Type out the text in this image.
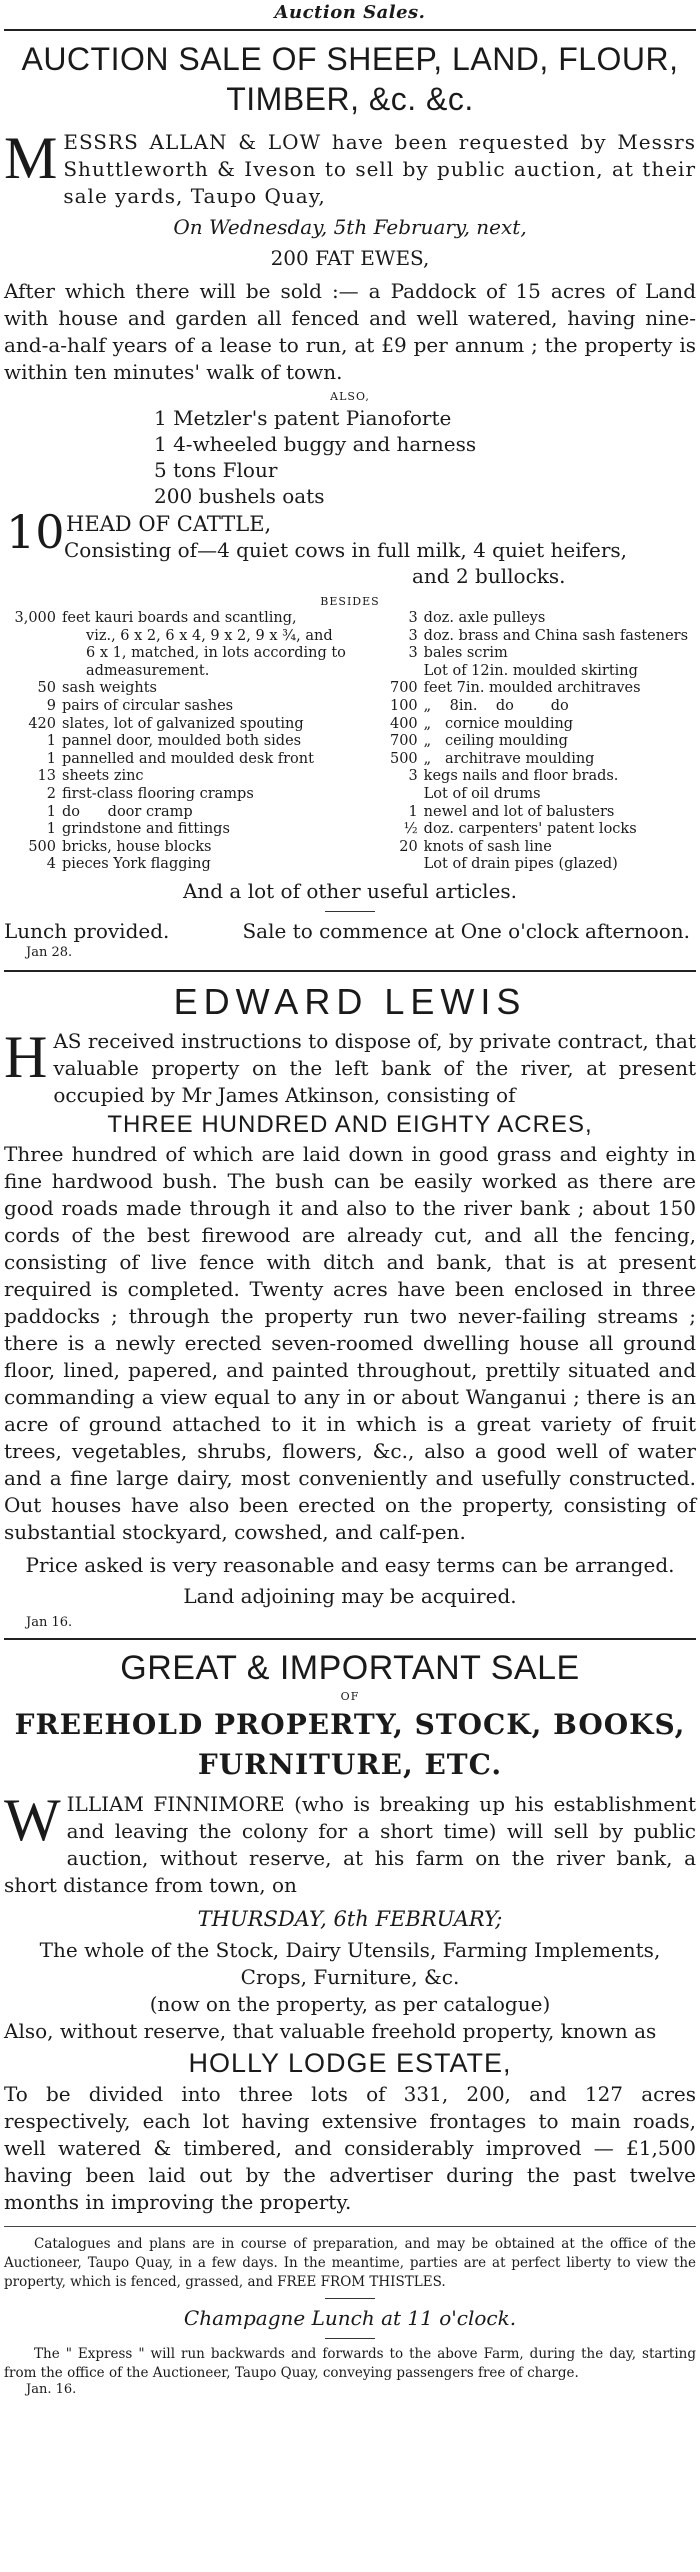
Auction Sales.
AUCTION SALE OF SHEEP, LAND, FLOUR,
TIMBER, &c. &c.

MESSRS ALLAN & LOW have been requested by Messrs Shuttleworth & Iveson to sell by public auction, at their sale yards, Taupo Quay,

On Wednesday, 5th February, next,

200 FAT EWES,

After which there will be sold :— a Paddock of 15 acres of Land with house and garden all fenced and well watered, having nine-and-a-half years of a lease to run, at £9 per annum ; the property is within ten minutes' walk of town.

ALSO,
1 Metzler's patent Pianoforte
1 4-wheeled buggy and harness
5 tons Flour
200 bushels oats
10 HEAD OF CATTLE,
Consisting of—4 quiet cows in full milk, 4 quiet heifers,
and 2 bullocks.
BESIDES
3,000 feet kauri boards and scantling,
viz., 6 x 2, 6 x 4, 9 x 2, 9 x ¾, and
6 x 1, matched, in lots according to
admeasurement.
50 sash weights
9 pairs of circular sashes
420 slates, lot of galvanized spouting
1 pannel door, moulded both sides
1 pannelled and moulded desk front
13 sheets zinc
2 first-class flooring cramps
1 do      door cramp
1 grindstone and fittings
500 bricks, house blocks
4 pieces York flagging
3 doz. axle pulleys
3 doz. brass and China sash fasteners
3 bales scrim
Lot of 12in. moulded skirting
700 feet 7in. moulded architraves
100 „    8in.    do        do
400 „   cornice moulding
700 „   ceiling moulding
500 „   architrave moulding
3 kegs nails and floor brads.
Lot of oil drums
1 newel and lot of balusters
½ doz. carpenters' patent locks
20 knots of sash line
Lot of drain pipes (glazed)

And a lot of other useful articles.

Lunch provided.	Sale to commence at One o'clock afternoon.
Jan 28.
EDWARD LEWIS

HAS received instructions to dispose of, by private contract, that valuable property on the left bank of the river, at present occupied by Mr James Atkinson, consisting of

THREE HUNDRED AND EIGHTY ACRES,

Three hundred of which are laid down in good grass and eighty in fine hardwood bush. The bush can be easily worked as there are good roads made through it and also to the river bank ; about 150 cords of the best firewood are already cut, and all the fencing, consisting of live fence with ditch and bank, that is at present required is completed. Twenty acres have been enclosed in three paddocks ; through the property run two never-failing streams ; there is a newly erected seven-roomed dwelling house all ground floor, lined, papered, and painted throughout, prettily situated and commanding a view equal to any in or about Wanganui ; there is an acre of ground attached to it in which is a great variety of fruit trees, vegetables, shrubs, flowers, &c., also a good well of water and a fine large dairy, most conveniently and usefully constructed. Out houses have also been erected on the property, consisting of substantial stockyard, cowshed, and calf-pen.

Price asked is very reasonable and easy terms can be arranged.

Land adjoining may be acquired.

Jan 16.
GREAT & IMPORTANT SALE
OF
FREEHOLD PROPERTY, STOCK, BOOKS,
FURNITURE, ETC.

WILLIAM FINNIMORE (who is breaking up his establishment and leaving the colony for a short time) will sell by public auction, without reserve, at his farm on the river bank, a short distance from town, on

THURSDAY, 6th FEBRUARY;

The whole of the Stock, Dairy Utensils, Farming Implements, Crops, Furniture, &c.

(now on the property, as per catalogue)

Also, without reserve, that valuable freehold property, known as

HOLLY LODGE ESTATE,

To be divided into three lots of 331, 200, and 127 acres respectively, each lot having extensive frontages to main roads, well watered & timbered, and considerably improved — £1,500 having been laid out by the advertiser during the past twelve months in improving the property.

Catalogues and plans are in course of preparation, and may be obtained at the office of the Auctioneer, Taupo Quay, in a few days. In the meantime, parties are at perfect liberty to view the property, which is fenced, grassed, and FREE FROM THISTLES.

Champagne Lunch at 11 o'clock.

The " Express " will run backwards and forwards to the above Farm, during the day, starting from the office of the Auctioneer, Taupo Quay, conveying passengers free of charge.

Jan. 16.
